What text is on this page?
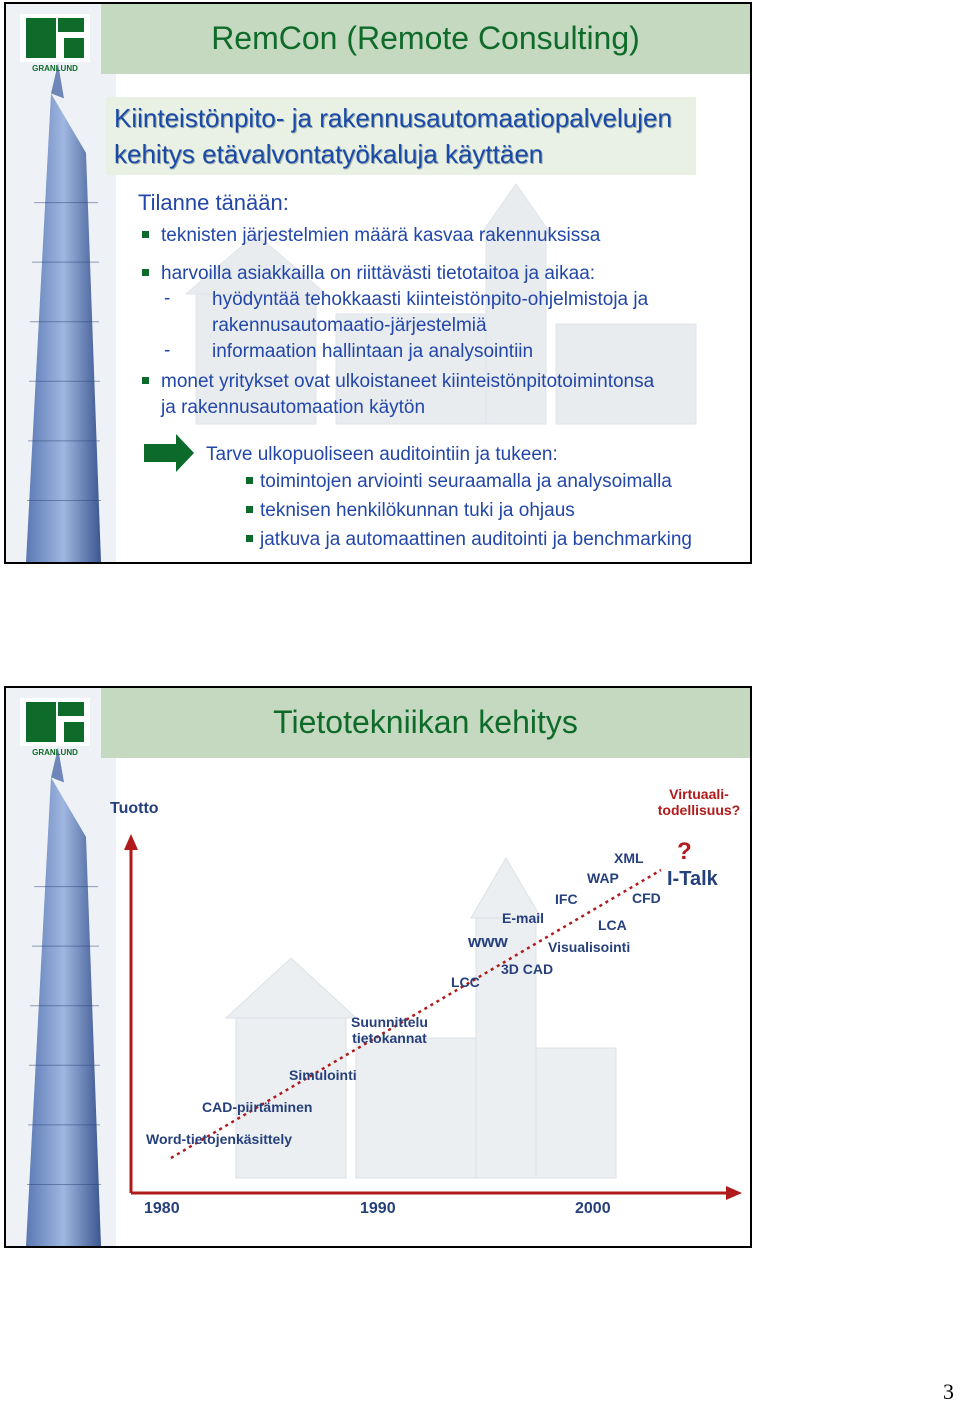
GRANLUND
RemCon (Remote Consulting)
Kiinteistönpito- ja rakennusautomaatiopalvelujen
kehitys etävalvontatyökaluja käyttäen
Tilanne tänään:
teknisten järjestelmien määrä kasvaa rakennuksissa
harvoilla asiakkailla on riittävästi tietotaitoa ja aikaa:
- hyödyntää tehokkaasti kiinteistönpito-ohjelmistoja ja
rakennusautomaatio-järjestelmiä
- informaation hallintaan ja analysointiin
monet yritykset ovat ulkoistaneet kiinteistönpitotoimintonsa
ja rakennusautomaation käytön
Tarve ulkopuoliseen auditointiin ja tukeen:
toimintojen arviointi seuraamalla ja analysoimalla
teknisen henkilökunnan tuki ja ohjaus
jatkuva ja automaattinen auditointi ja benchmarking
GRANLUND
Tietotekniikan kehitys
Tuotto
Virtuaali-
todellisuus?
?
I-Talk
XML
WAP
IFC	CFD
E-mail	LCA
www	Visualisointi
3D CAD
LCC
Suunnittelu
tietokannat
Simulointi
CAD-piirtäminen
Word-tietojenkäsittely
1980	1990	2000
3
